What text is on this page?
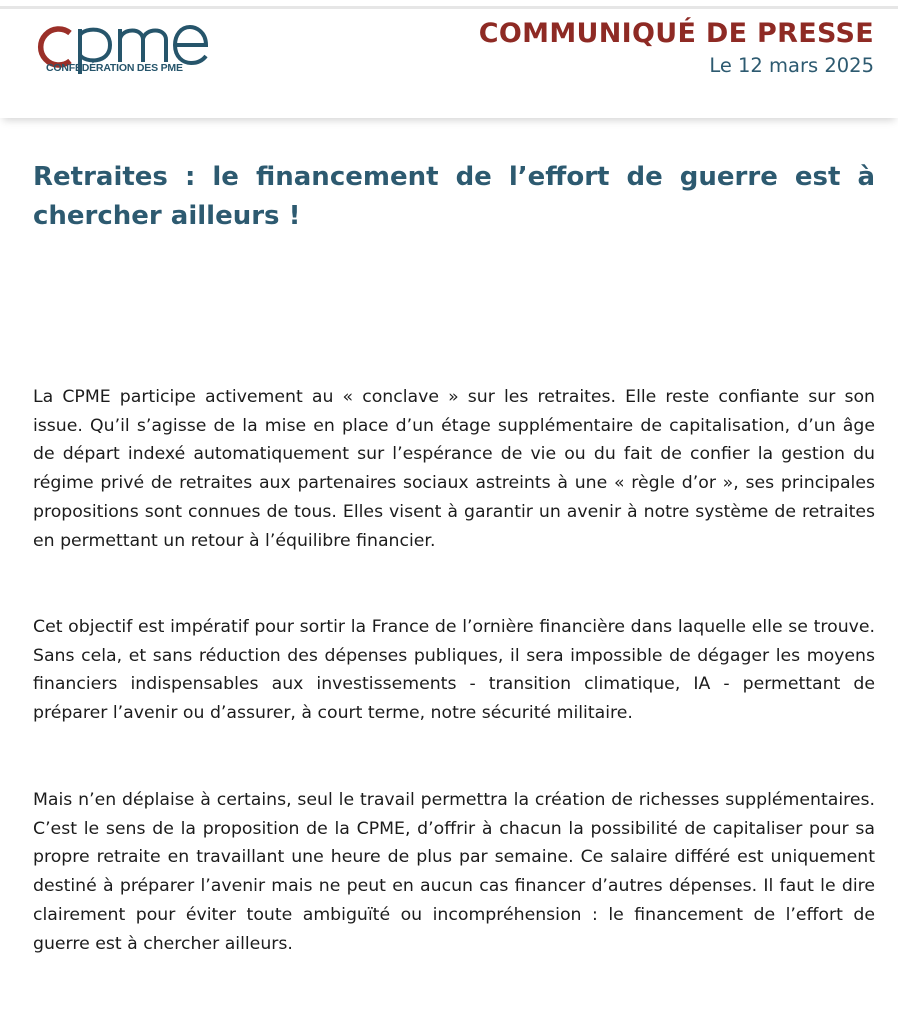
CONFÉDÉRATION DES PME
COMMUNIQUÉ DE PRESSE
Le 12 mars 2025
Retraites : le financement de l’effort de guerre est à chercher ailleurs !

La CPME participe activement au « conclave » sur les retraites. Elle reste confiante sur son issue. Qu’il s’agisse de la mise en place d’un étage supplémentaire de capitalisation, d’un âge de départ indexé automatiquement sur l’espérance de vie ou du fait de confier la gestion du régime privé de retraites aux partenaires sociaux astreints à une « règle d’or », ses principales propositions sont connues de tous. Elles visent à garantir un avenir à notre système de retraites en permettant un retour à l’équilibre financier.

Cet objectif est impératif pour sortir la France de l’ornière financière dans laquelle elle se trouve. Sans cela, et sans réduction des dépenses publiques, il sera impossible de dégager les moyens financiers indispensables aux investissements - transition climatique, IA - permettant de préparer l’avenir ou d’assurer, à court terme, notre sécurité militaire.

Mais n’en déplaise à certains, seul le travail permettra la création de richesses supplémentaires. C’est le sens de la proposition de la CPME, d’offrir à chacun la possibilité de capitaliser pour sa propre retraite en travaillant une heure de plus par semaine. Ce salaire différé est uniquement destiné à préparer l’avenir mais ne peut en aucun cas financer d’autres dépenses. Il faut le dire clairement pour éviter toute ambiguïté ou incompréhension : le financement de l’effort de guerre est à chercher ailleurs.
